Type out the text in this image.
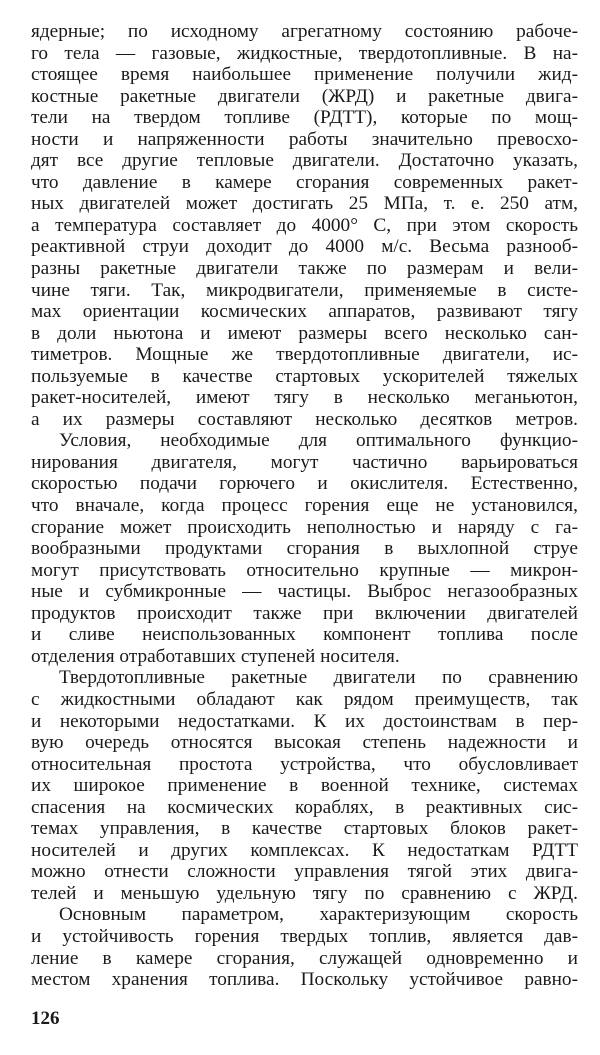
ядерные; по исходному агрегатному состоянию рабоче-
го тела — газовые, жидкостные, твердотопливные. В на-
стоящее время наибольшее применение получили жид-
костные ракетные двигатели (ЖРД) и ракетные двига-
тели на твердом топливе (РДТТ), которые по мощ-
ности и напряженности работы значительно превосхо-
дят все другие тепловые двигатели. Достаточно указать,
что давление в камере сгорания современных ракет-
ных двигателей может достигать 25 МПа, т. е. 250 атм,
а температура составляет до 4000° С, при этом скорость
реактивной струи доходит до 4000 м/с. Весьма разнооб-
разны ракетные двигатели также по размерам и вели-
чине тяги. Так, микродвигатели, применяемые в систе-
мах ориентации космических аппаратов, развивают тягу
в доли ньютона и имеют размеры всего несколько сан-
тиметров. Мощные же твердотопливные двигатели, ис-
пользуемые в качестве стартовых ускорителей тяжелых
ракет-носителей, имеют тягу в несколько меганьютон,
а их размеры составляют несколько десятков метров.
Условия, необходимые для оптимального функцио-
нирования двигателя, могут частично варьироваться
скоростью подачи горючего и окислителя. Естественно,
что вначале, когда процесс горения еще не установился,
сгорание может происходить неполностью и наряду с га-
вообразными продуктами сгорания в выхлопной струе
могут присутствовать относительно крупные — микрон-
ные и субмикронные — частицы. Выброс негазообразных
продуктов происходит также при включении двигателей
и сливе неиспользованных компонент топлива после
отделения отработавших ступеней носителя.
Твердотопливные ракетные двигатели по сравнению
с жидкостными обладают как рядом преимуществ, так
и некоторыми недостатками. К их достоинствам в пер-
вую очередь относятся высокая степень надежности и
относительная простота устройства, что обусловливает
их широкое применение в военной технике, системах
спасения на космических кораблях, в реактивных сис-
темах управления, в качестве стартовых блоков ракет-
носителей и других комплексах. К недостаткам РДТТ
можно отнести сложности управления тягой этих двига-
телей и меньшую удельную тягу по сравнению с ЖРД.
Основным параметром, характеризующим скорость
и устойчивость горения твердых топлив, является дав-
ление в камере сгорания, служащей одновременно и
местом хранения топлива. Поскольку устойчивое равно-
126
